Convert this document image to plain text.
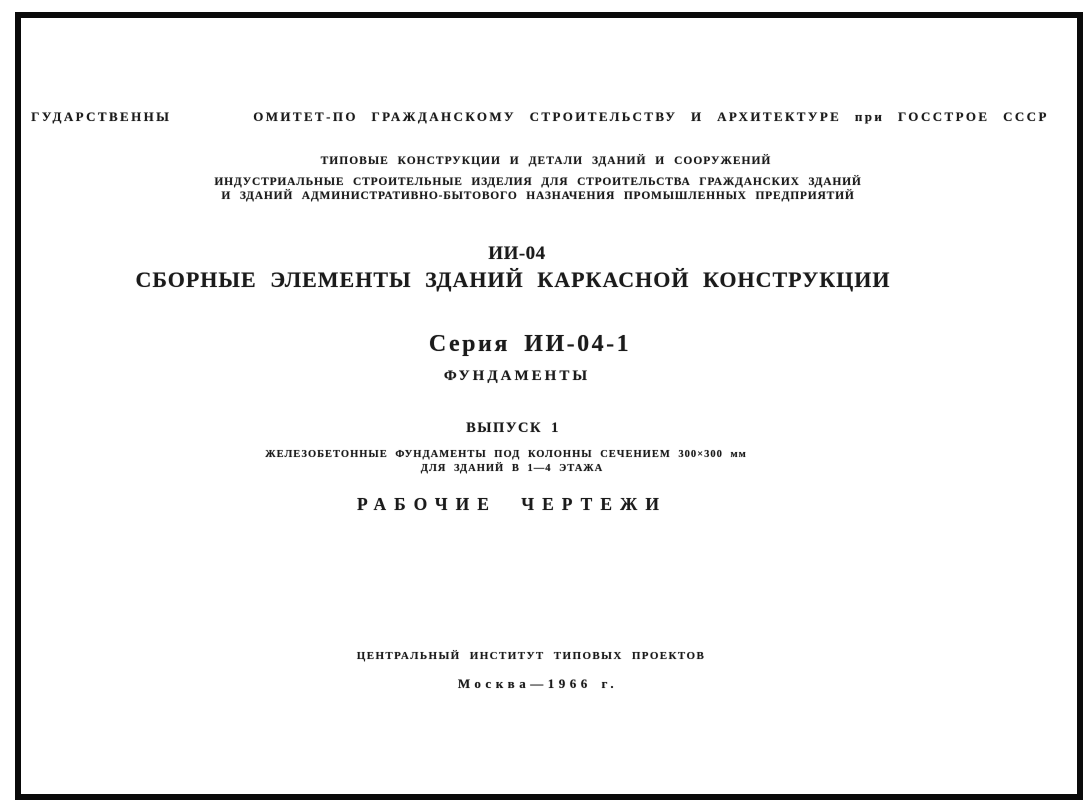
ГУДАРСТВЕННЫ      ОМИТЕТ-ПО ГРАЖДАНСКОМУ СТРОИТЕЛЬСТВУ И АРХИТЕКТУРЕ при ГОССТРОЕ СССР
ТИПОВЫЕ КОНСТРУКЦИИ И ДЕТАЛИ ЗДАНИЙ И СООРУЖЕНИЙ
ИНДУСТРИАЛЬНЫЕ СТРОИТЕЛЬНЫЕ ИЗДЕЛИЯ ДЛЯ СТРОИТЕЛЬСТВА ГРАЖДАНСКИХ ЗДАНИЙ
И ЗДАНИЙ АДМИНИСТРАТИВНО-БЫТОВОГО НАЗНАЧЕНИЯ ПРОМЫШЛЕННЫХ ПРЕДПРИЯТИЙ
ИИ-04
СБОРНЫЕ ЭЛЕМЕНТЫ ЗДАНИЙ КАРКАСНОЙ КОНСТРУКЦИИ
Серия ИИ-04-1
ФУНДАМЕНТЫ
ВЫПУСК 1
ЖЕЛЕЗОБЕТОННЫЕ ФУНДАМЕНТЫ ПОД КОЛОННЫ СЕЧЕНИЕМ 300×300 мм
ДЛЯ ЗДАНИЙ В 1—4 ЭТАЖА
РАБОЧИЕ ЧЕРТЕЖИ
ЦЕНТРАЛЬНЫЙ ИНСТИТУТ ТИПОВЫХ ПРОЕКТОВ
Москва—1966 г.
